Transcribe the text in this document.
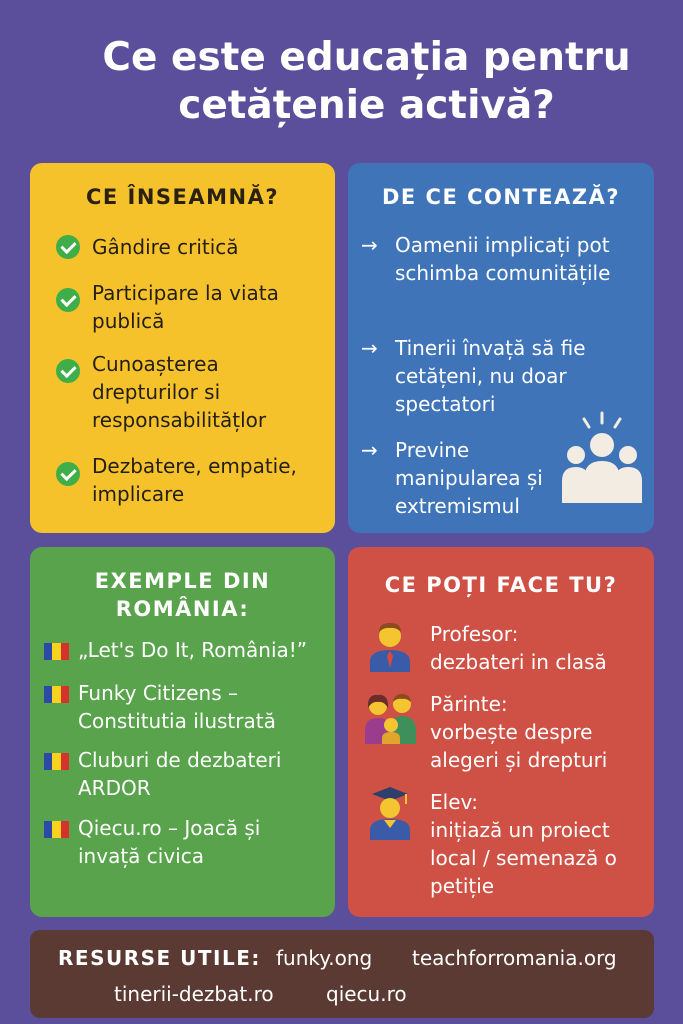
Ce este educația pentru
cetățenie activă?
CE ÎNSEAMNĂ?
Gândire critică
Participare la viata publică
Cunoașterea drepturilor si responsabilitățlor
Dezbatere, empatie, implicare
DE CE CONTEAZĂ?
→ Oamenii implicați pot schimba comunitățile
→ Tinerii învață să fie cetățeni, nu doar spectatori
→ Previne manipularea și extremismul
EXEMPLE DIN
ROMÂNIA:
„Let's Do It, România!”
Funky Citizens – Constitutia ilustrată
Cluburi de dezbateri ARDOR
Qiecu.ro – Joacă și invață civica
CE POȚI FACE TU?
Profesor:
dezbateri in clasă
Părinte:
vorbește despre alegeri și drepturi
Elev:
inițiază un proiect local / semenază o petiție
RESURSE UTILE: funky.ong teachforromania.org
tinerii-dezbat.ro	qiecu.ro
